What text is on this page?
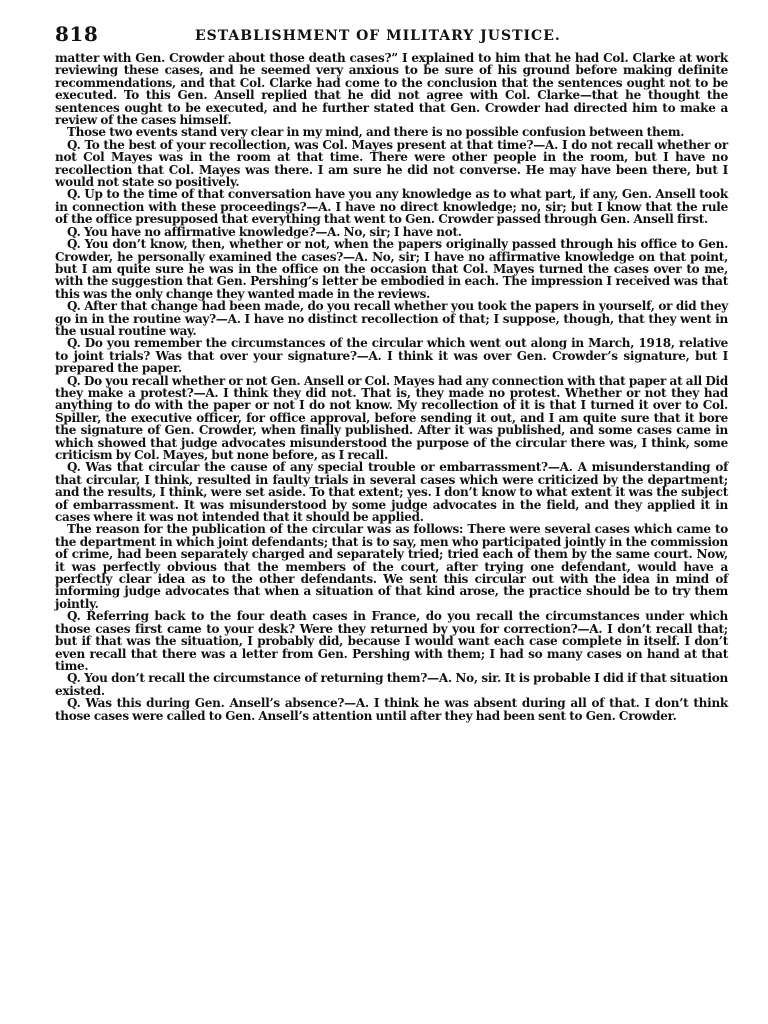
818	ESTABLISHMENT OF MILITARY JUSTICE.

matter with Gen. Crowder about those death cases?” I explained to him that he had Col. Clarke at work reviewing these cases, and he seemed very anxious to be sure of his ground before making definite recommendations, and that Col. Clarke had come to the conclusion that the sentences ought not to be executed. To this Gen. Ansell replied that he did not agree with Col. Clarke—that he thought the sentences ought to be executed, and he further stated that Gen. Crowder had directed him to make a review of the cases himself.

Those two events stand very clear in my mind, and there is no possible confusion between them.

Q. To the best of your recollection, was Col. Mayes present at that time?—A. I do not recall whether or not Col Mayes was in the room at that time. There were other people in the room, but I have no recollection that Col. Mayes was there. I am sure he did not converse. He may have been there, but I would not state so positively.

Q. Up to the time of that conversation have you any knowledge as to what part, if any, Gen. Ansell took in connection with these proceedings?—A. I have no direct knowledge; no, sir; but I know that the rule of the office presupposed that everything that went to Gen. Crowder passed through Gen. Ansell first.

Q. You have no affirmative knowledge?—A. No, sir; I have not.

Q. You don’t know, then, whether or not, when the papers originally passed through his office to Gen. Crowder, he personally examined the cases?—A. No, sir; I have no affirmative knowledge on that point, but I am quite sure he was in the office on the occasion that Col. Mayes turned the cases over to me, with the suggestion that Gen. Pershing’s letter be embodied in each. The impression I received was that this was the only change they wanted made in the reviews.

Q. After that change had been made, do you recall whether you took the papers in yourself, or did they go in in the routine way?—A. I have no distinct recollection of that; I suppose, though, that they went in the usual routine way.

Q. Do you remember the circumstances of the circular which went out along in March, 1918, relative to joint trials? Was that over your signature?—A. I think it was over Gen. Crowder’s signature, but I prepared the paper.

Q. Do you recall whether or not Gen. Ansell or Col. Mayes had any connection with that paper at all Did they make a protest?—A. I think they did not. That is, they made no protest. Whether or not they had anything to do with the paper or not I do not know. My recollection of it is that I turned it over to Col. Spiller, the executive officer, for office approval, before sending it out, and I am quite sure that it bore the signature of Gen. Crowder, when finally published. After it was published, and some cases came in which showed that judge advocates misunderstood the purpose of the circular there was, I think, some criticism by Col. Mayes, but none before, as I recall.

Q. Was that circular the cause of any special trouble or embarrassment?—A. A misunderstanding of that circular, I think, resulted in faulty trials in several cases which were criticized by the department; and the results, I think, were set aside. To that extent; yes. I don’t know to what extent it was the subject of embarrassment. It was misunderstood by some judge advocates in the field, and they applied it in cases where it was not intended that it should be applied.

The reason for the publication of the circular was as follows: There were several cases which came to the department in which joint defendants; that is to say, men who participated jointly in the commission of crime, had been separately charged and separately tried; tried each of them by the same court. Now, it was perfectly obvious that the members of the court, after trying one defendant, would have a perfectly clear idea as to the other defendants. We sent this circular out with the idea in mind of informing judge advocates that when a situation of that kind arose, the practice should be to try them jointly.

Q. Referring back to the four death cases in France, do you recall the circumstances under which those cases first came to your desk? Were they returned by you for correction?—A. I don’t recall that; but if that was the situation, I probably did, because I would want each case complete in itself. I don’t even recall that there was a letter from Gen. Pershing with them; I had so many cases on hand at that time.

Q. You don’t recall the circumstance of returning them?—A. No, sir. It is probable I did if that situation existed.

Q. Was this during Gen. Ansell’s absence?—A. I think he was absent during all of that. I don’t think those cases were called to Gen. Ansell’s attention until after they had been sent to Gen. Crowder.
